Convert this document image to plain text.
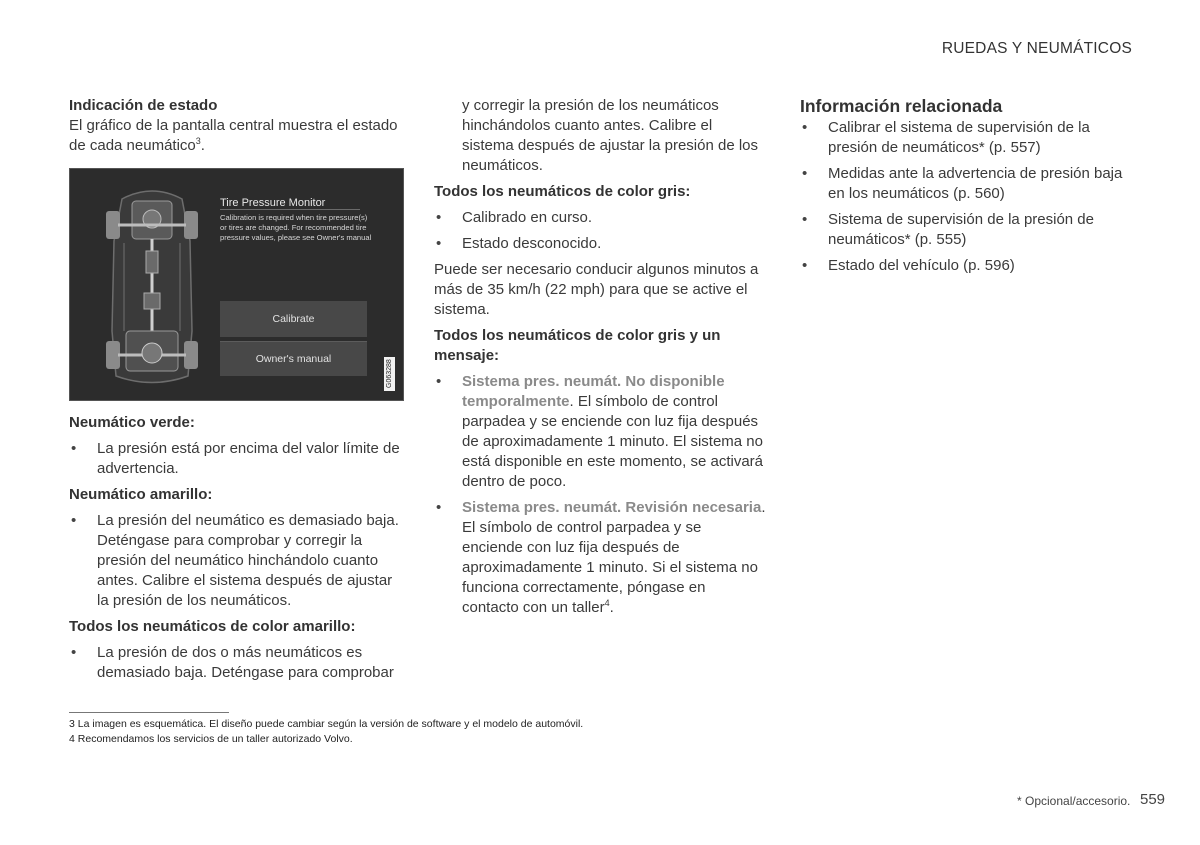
RUEDAS Y NEUMÁTICOS

Indicación de estado

El gráfico de la pantalla central muestra el estado de cada neumático$^3$.

Tire Pressure Monitor
Calibration is required when tire pressure(s) or tires are changed. For recommended tire pressure values, please see Owner's manual
Calibrate
Owner's manual
G063288

Neumático verde:

• La presión está por encima del valor límite de advertencia.

Neumático amarillo:

• La presión del neumático es demasiado baja. Deténgase para comprobar y corregir la presión del neumático hinchándolo cuanto antes. Calibre el sistema después de ajustar la presión de los neumáticos.

Todos los neumáticos de color amarillo:

• La presión de dos o más neumáticos es demasiado baja. Deténgase para comprobar

y corregir la presión de los neumáticos hinchándolos cuanto antes. Calibre el sistema después de ajustar la presión de los neumáticos.

Todos los neumáticos de color gris:

• Calibrado en curso.
• Estado desconocido.

Puede ser necesario conducir algunos minutos a más de 35 km/h (22 mph) para que se active el sistema.

Todos los neumáticos de color gris y un mensaje:

• Sistema pres. neumát. No disponible temporalmente. El símbolo de control parpadea y se enciende con luz fija después de aproximadamente 1 minuto. El sistema no está disponible en este momento, se activará dentro de poco.
• Sistema pres. neumát. Revisión necesaria. El símbolo de control parpadea y se enciende con luz fija después de aproximadamente 1 minuto. Si el sistema no funciona correctamente, póngase en contacto con un taller$^4$.

Información relacionada

• Calibrar el sistema de supervisión de la presión de neumáticos* (p. 557)
• Medidas ante la advertencia de presión baja en los neumáticos (p. 560)
• Sistema de supervisión de la presión de neumáticos* (p. 555)
• Estado del vehículo (p. 596)
3 La imagen es esquemática. El diseño puede cambiar según la versión de software y el modelo de automóvil.
4 Recomendamos los servicios de un taller autorizado Volvo.
* Opcional/accesorio. 559
